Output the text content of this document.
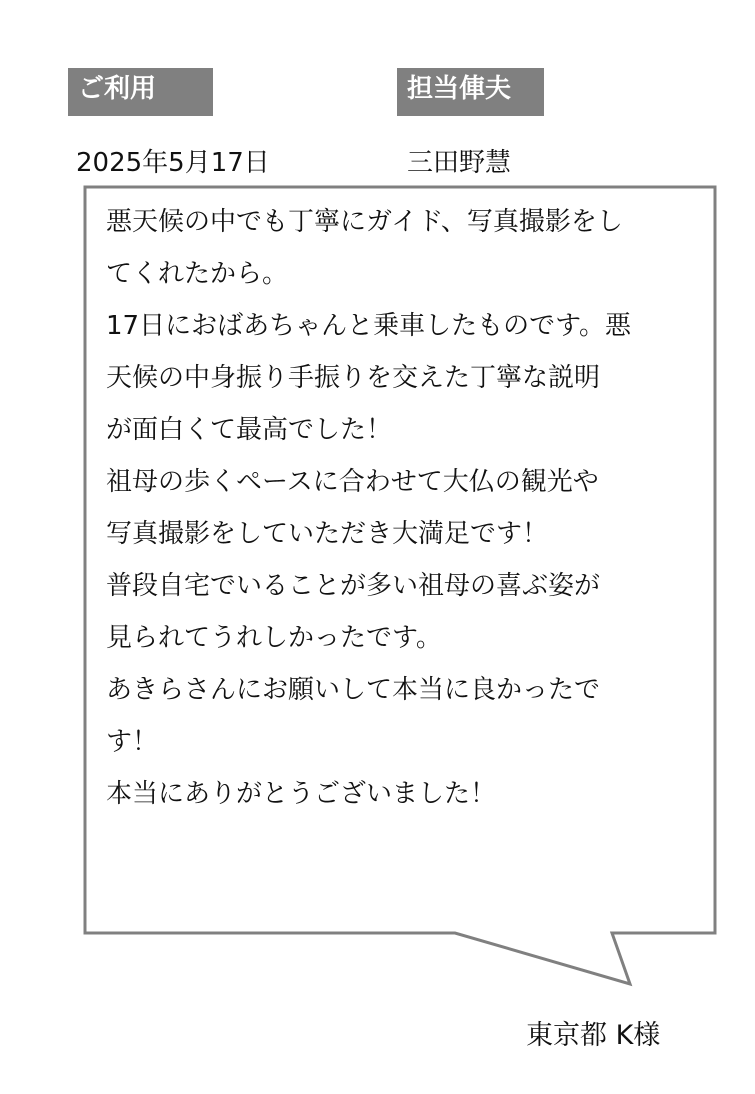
ご利用	担当俥夫
2025年5月17日	三田野慧
悪天候の中でも丁寧にガイド、写真撮影をし
てくれたから。
17日におばあちゃんと乗車したものです。悪
天候の中身振り手振りを交えた丁寧な説明
が面白くて最高でした！
祖母の歩くペースに合わせて大仏の観光や
写真撮影をしていただき大満足です！
普段自宅でいることが多い祖母の喜ぶ姿が
見られてうれしかったです。
あきらさんにお願いして本当に良かったで
す！
本当にありがとうございました！
東京都 K様
